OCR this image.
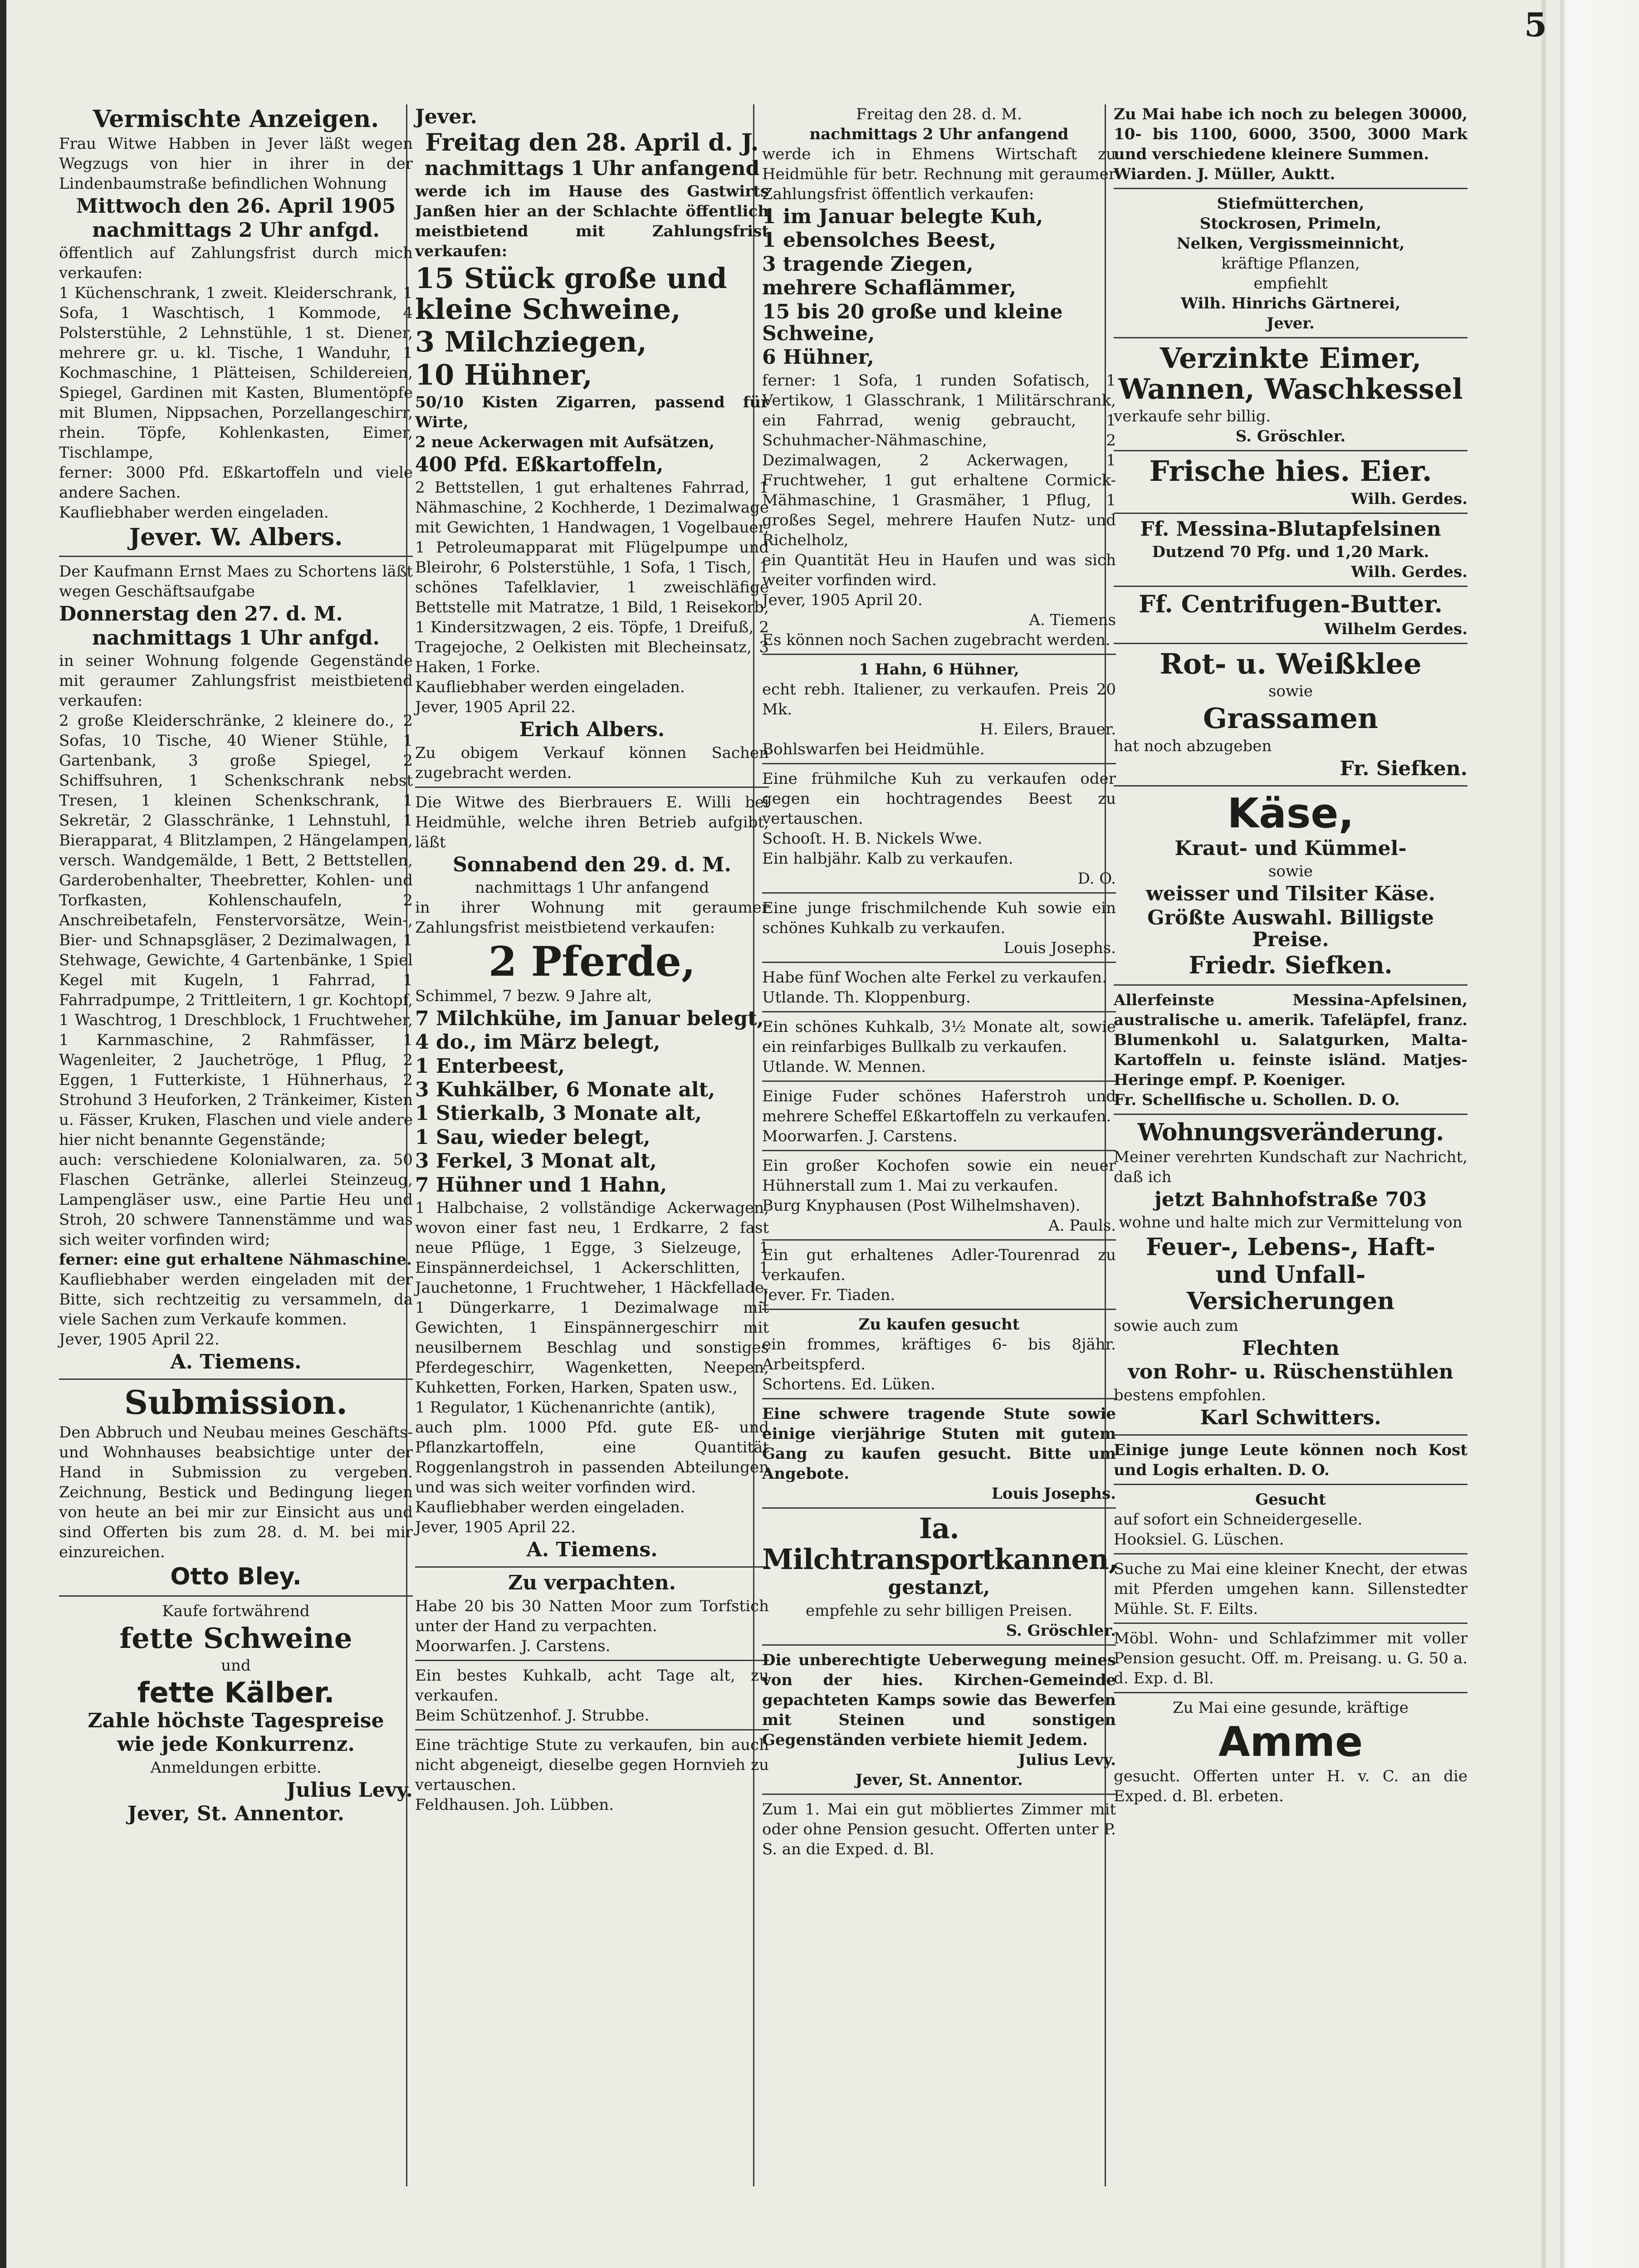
Vermischte Anzeigen.

Frau Witwe Habben in Jever läßt wegen Wegzugs von hier in ihrer in der Lindenbaumstraße befindlichen Wohnung

Mittwoch den 26. April 1905
nachmittags 2 Uhr anfgd.

öffentlich auf Zahlungsfrist durch mich verkaufen:
1 Küchenschrank, 1 zweit. Kleiderschrank, 1 Sofa, 1 Waschtisch, 1 Kommode, 4 Polsterstühle, 2 Lehnstühle, 1 st. Diener, mehrere gr. u. kl. Tische, 1 Wanduhr, 1 Kochmaschine, 1 Plätteisen, Schildereien, Spiegel, Gardinen mit Kasten, Blumentöpfe mit Blumen, Nippsachen, Porzellangeschirr, rhein. Töpfe, Kohlenkasten, Eimer, Tischlampe,
ferner: 3000 Pfd. Eßkartoffeln und viele andere Sachen.
Kaufliebhaber werden eingeladen.

Jever. W. Albers.

Der Kaufmann Ernst Maes zu Schortens läßt wegen Geschäftsaufgabe

Donnerstag den 27. d. M.
nachmittags 1 Uhr anfgd.

in seiner Wohnung folgende Gegenstände mit geraumer Zahlungsfrist meistbietend verkaufen:
2 große Kleiderschränke, 2 kleinere do., 2 Sofas, 10 Tische, 40 Wiener Stühle, 1 Gartenbank, 3 große Spiegel, 2 Schiffsuhren, 1 Schenkschrank nebst Tresen, 1 kleinen Schenkschrank, 1 Sekretär, 2 Glasschränke, 1 Lehnstuhl, 1 Bierapparat, 4 Blitzlampen, 2 Hängelampen, versch. Wandgemälde, 1 Bett, 2 Bettstellen, Garderobenhalter, Theebretter, Kohlen- und Torfkasten, Kohlenschaufeln, 2 Anschreibetafeln, Fenstervorsätze, Wein-, Bier- und Schnapsgläser, 2 Dezimalwagen, 1 Stehwage, Gewichte, 4 Gartenbänke, 1 Spiel Kegel mit Kugeln, 1 Fahrrad, 1 Fahrradpumpe, 2 Trittleitern, 1 gr. Kochtopf, 1 Waschtrog, 1 Dreschblock, 1 Fruchtweher, 1 Karnmaschine, 2 Rahmfässer, 1 Wagenleiter, 2 Jauchetröge, 1 Pflug, 2 Eggen, 1 Futterkiste, 1 Hühnerhaus, 2 Strohund 3 Heuforken, 2 Tränkeimer, Kisten u. Fässer, Kruken, Flaschen und viele andere hier nicht benannte Gegenstände;
auch: verschiedene Kolonialwaren, za. 50 Flaschen Getränke, allerlei Steinzeug, Lampengläser usw., eine Partie Heu und Stroh, 20 schwere Tannenstämme und was sich weiter vorfinden wird;

ferner: eine gut erhaltene Nähmaschine.

Kaufliebhaber werden eingeladen mit der Bitte, sich rechtzeitig zu versammeln, da viele Sachen zum Verkaufe kommen.

Jever, 1905 April 22.

A. Tiemens.
Submission.

Den Abbruch und Neubau meines Geschäfts- und Wohnhauses beabsichtige unter der Hand in Submission zu vergeben. Zeichnung, Bestick und Bedingung liegen von heute an bei mir zur Einsicht aus und sind Offerten bis zum 28. d. M. bei mir einzureichen.

Otto Bley.

Kaufe fortwährend

fette Schweine

und

fette Kälber.
Zahle höchste Tagespreise
wie jede Konkurrenz.

Anmeldungen erbitte.

Julius Levy.
Jever, St. Annentor.
Jever.
Freitag den 28. April d. J.
nachmittags 1 Uhr anfangend

werde ich im Hause des Gastwirts Janßen hier an der Schlachte öffentlich meistbietend mit Zahlungsfrist verkaufen:

15 Stück große und kleine Schweine,
3 Milchziegen,
10 Hühner,

50/10 Kisten Zigarren, passend für Wirte,

2 neue Ackerwagen mit Aufsätzen,

400 Pfd. Eßkartoffeln,

2 Bettstellen, 1 gut erhaltenes Fahrrad, 1 Nähmaschine, 2 Kochherde, 1 Dezimalwage mit Gewichten, 1 Handwagen, 1 Vogelbauer, 1 Petroleumapparat mit Flügelpumpe und Bleirohr, 6 Polsterstühle, 1 Sofa, 1 Tisch, 1 schönes Tafelklavier, 1 zweischläfige Bettstelle mit Matratze, 1 Bild, 1 Reisekorb, 1 Kindersitzwagen, 2 eis. Töpfe, 1 Dreifuß, 2 Tragejoche, 2 Oelkisten mit Blecheinsatz, 3 Haken, 1 Forke.
Kaufliebhaber werden eingeladen.

Jever, 1905 April 22.

Erich Albers.

Zu obigem Verkauf können Sachen zugebracht werden.

Die Witwe des Bierbrauers E. Willi bei Heidmühle, welche ihren Betrieb aufgibt, läßt

Sonnabend den 29. d. M.

nachmittags 1 Uhr anfangend

in ihrer Wohnung mit geraumer Zahlungsfrist meistbietend verkaufen:

2 Pferde,

Schimmel, 7 bezw. 9 Jahre alt,

7 Milchkühe, im Januar belegt,
4 do., im März belegt,
1 Enterbeest,
3 Kuhkälber, 6 Monate alt,
1 Stierkalb, 3 Monate alt,
1 Sau, wieder belegt,
3 Ferkel, 3 Monat alt,
7 Hühner und 1 Hahn,

1 Halbchaise, 2 vollständige Ackerwagen, wovon einer fast neu, 1 Erdkarre, 2 fast neue Pflüge, 1 Egge, 3 Sielzeuge, 1 Einspännerdeichsel, 1 Ackerschlitten, 1 Jauchetonne, 1 Fruchtweher, 1 Häckfellade, 1 Düngerkarre, 1 Dezimalwage mit Gewichten, 1 Einspännergeschirr mit neusilbernem Beschlag und sonstiges Pferdegeschirr, Wagenketten, Neepen, Kuhketten, Forken, Harken, Spaten usw.,
1 Regulator, 1 Küchenanrichte (antik),
auch plm. 1000 Pfd. gute Eß- und Pflanzkartoffeln, eine Quantität Roggenlangstroh in passenden Abteilungen und was sich weiter vorfinden wird.
Kaufliebhaber werden eingeladen.

Jever, 1905 April 22.

A. Tiemens.
Zu verpachten.

Habe 20 bis 30 Natten Moor zum Torfstich unter der Hand zu verpachten.

Moorwarfen. J. Carstens.

Ein bestes Kuhkalb, acht Tage alt, zu verkaufen.

Beim Schützenhof. J. Strubbe.

Eine trächtige Stute zu verkaufen, bin auch nicht abgeneigt, dieselbe gegen Hornvieh zu vertauschen.

Feldhausen. Joh. Lübben.

Freitag den 28. d. M.

nachmittags 2 Uhr anfangend

werde ich in Ehmens Wirtschaft zu Heidmühle für betr. Rechnung mit geraumer Zahlungsfrist öffentlich verkaufen:

1 im Januar belegte Kuh,
1 ebensolches Beest,
3 tragende Ziegen,
mehrere Schaflämmer,
15 bis 20 große und kleine Schweine,
6 Hühner,

ferner: 1 Sofa, 1 runden Sofatisch, 1 Vertikow, 1 Glasschrank, 1 Militärschrank, ein Fahrrad, wenig gebraucht, 1 Schuhmacher-Nähmaschine, 2 Dezimalwagen, 2 Ackerwagen, 1 Fruchtweher, 1 gut erhaltene Cormick-Mähmaschine, 1 Grasmäher, 1 Pflug, 1 großes Segel, mehrere Haufen Nutz- und Richelholz,
ein Quantität Heu in Haufen und was sich weiter vorfinden wird.

Jever, 1905 April 20.

A. Tiemens

Es können noch Sachen zugebracht werden.

1 Hahn, 6 Hühner,

echt rebh. Italiener, zu verkaufen. Preis 20 Mk.

H. Eilers, Brauer.

Bohlswarfen bei Heidmühle.

Eine frühmilche Kuh zu verkaufen oder gegen ein hochtragendes Beest zu vertauschen.

Schooſt. H. B. Nickels Wwe.

Ein halbjähr. Kalb zu verkaufen.

D. O.

Eine junge frischmilchende Kuh sowie ein schönes Kuhkalb zu verkaufen.

Louis Josephs.

Habe fünf Wochen alte Ferkel zu verkaufen.

Utlande. Th. Kloppenburg.

Ein schönes Kuhkalb, 3½ Monate alt, sowie ein reinfarbiges Bullkalb zu verkaufen.

Utlande. W. Mennen.

Einige Fuder schönes Haferstroh und mehrere Scheffel Eßkartoffeln zu verkaufen.

Moorwarfen. J. Carstens.

Ein großer Kochofen sowie ein neuer Hühnerstall zum 1. Mai zu verkaufen.

Burg Knyphausen (Post Wilhelmshaven).

A. Pauls.

Ein gut erhaltenes Adler-Tourenrad zu verkaufen.

Jever. Fr. Tiaden.

Zu kaufen gesucht

ein frommes, kräftiges 6- bis 8jähr. Arbeitspferd.

Schortens. Ed. Lüken.

Eine schwere tragende Stute sowie einige vierjährige Stuten mit gutem Gang zu kaufen gesucht. Bitte um Angebote.

Louis Josephs.

Ia. Milchtransportkannen,
gestanzt,

empfehle zu sehr billigen Preisen.

S. Gröschler.

Die unberechtigte Ueberwegung meines von der hies. Kirchen-Gemeinde gepachteten Kamps sowie das Bewerfen mit Steinen und sonstigen Gegenständen verbiete hiemit Jedem.

Julius Levy.

Jever, St. Annentor.

Zum 1. Mai ein gut möbliertes Zimmer mit oder ohne Pension gesucht. Offerten unter P. S. an die Exped. d. Bl.

Zu Mai habe ich noch zu belegen 30000, 10- bis 1100, 6000, 3500, 3000 Mark und verschiedene kleinere Summen.

Wiarden. J. Müller, Auktt.

Stiefmütterchen,

Stockrosen, Primeln,

Nelken, Vergissmeinnicht,

kräftige Pflanzen,

empfiehlt

Wilh. Hinrichs Gärtnerei,

Jever.

Verzinkte Eimer, Wannen, Waschkessel

verkaufe sehr billig.

S. Gröschler.

Frische hies. Eier.

Wilh. Gerdes.

Ff. Messina-Blutapfelsinen

Dutzend 70 Pfg. und 1,20 Mark.

Wilh. Gerdes.

Ff. Centrifugen-Butter.

Wilhelm Gerdes.

Rot- u. Weißklee

sowie

Grassamen

hat noch abzugeben

Fr. Siefken.
Käse,
Kraut- und Kümmel-

sowie

weisser und Tilsiter Käse.
Größte Auswahl. Billigste Preise.
Friedr. Siefken.

Allerfeinste Messina-Apfelsinen, australische u. amerik. Tafeläpfel, franz. Blumenkohl u. Salatgurken, Malta-Kartoffeln u. feinste isländ. Matjes-Heringe empf. P. Koeniger.

Fr. Schellfische u. Schollen. D. O.

Wohnungsveränderung.

Meiner verehrten Kundschaft zur Nachricht, daß ich

jetzt Bahnhofstraße 703

wohne und halte mich zur Vermittelung von

Feuer-, Lebens-, Haft-
und Unfall-Versicherungen

sowie auch zum

Flechten
von Rohr- u. Rüschenstühlen

bestens empfohlen.

Karl Schwitters.

Einige junge Leute können noch Kost und Logis erhalten. D. O.

Gesucht

auf sofort ein Schneidergeselle.

Hooksiel. G. Lüschen.

Suche zu Mai eine kleiner Knecht, der etwas mit Pferden umgehen kann. Sillenstedter Mühle. St. F. Eilts.

Möbl. Wohn- und Schlafzimmer mit voller Pension gesucht. Off. m. Preisang. u. G. 50 a. d. Exp. d. Bl.

Zu Mai eine gesunde, kräftige

Amme

gesucht. Offerten unter H. v. C. an die Exped. d. Bl. erbeten.

5
